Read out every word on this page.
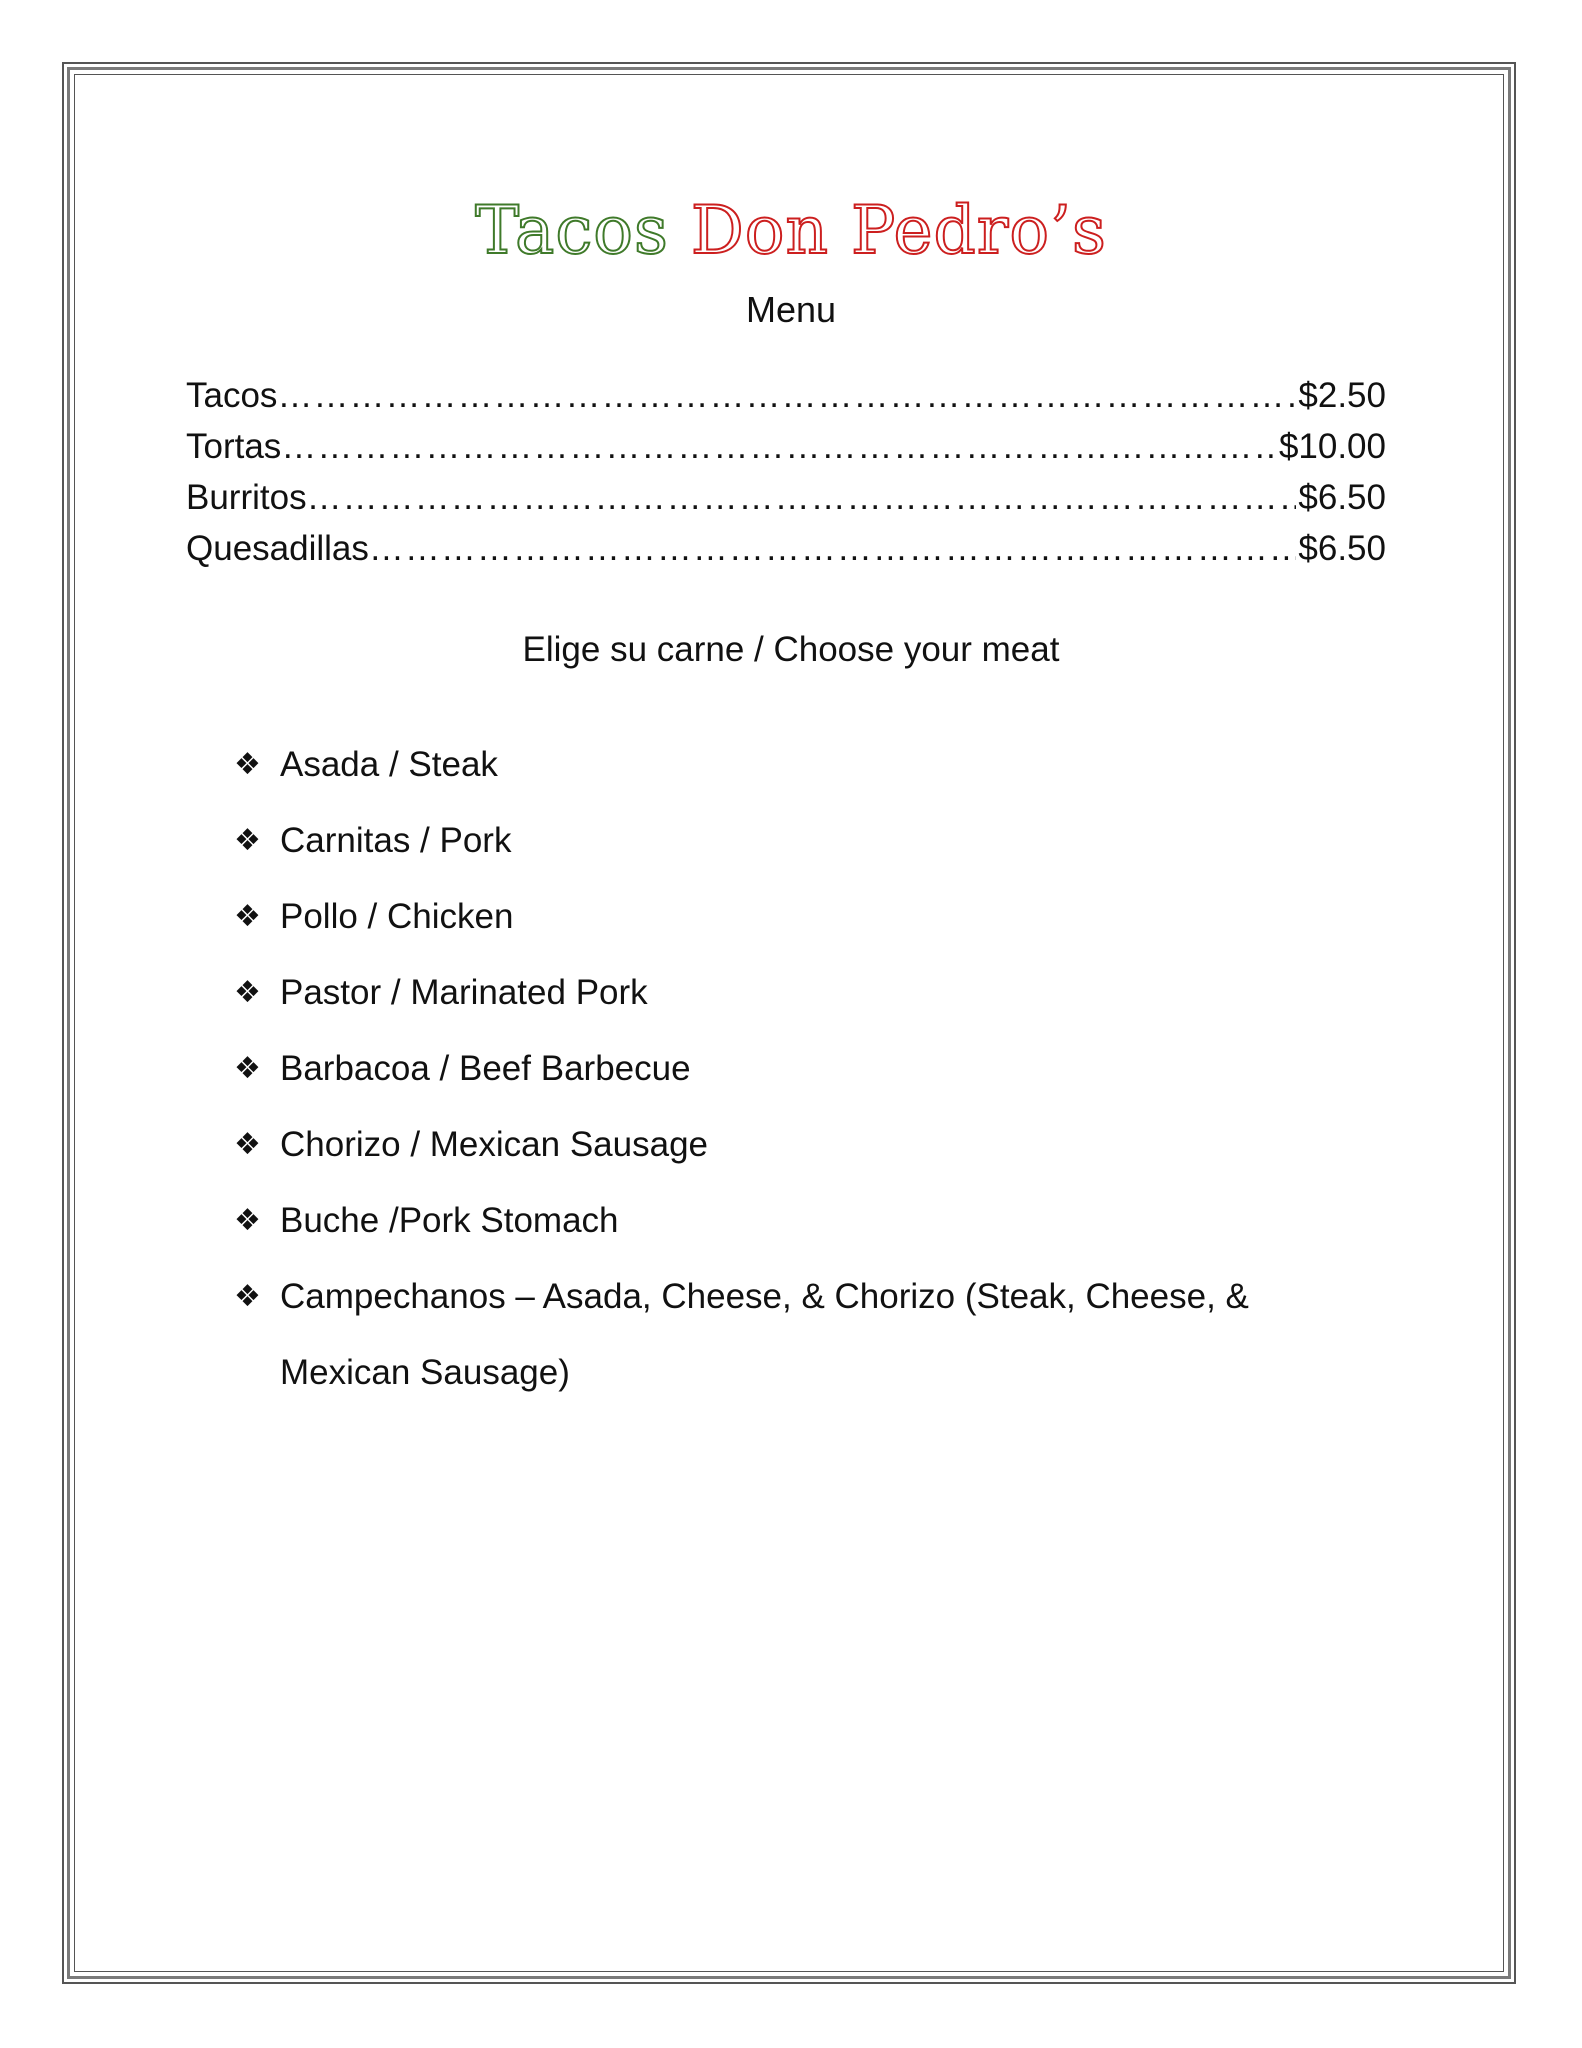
Tacos Don Pedro’s
Menu
Tacos ……………………………………………………………………………………………………………………………………………………………………………………………………	$2.50
Tortas ……………………………………………………………………………………………………………………………………………………………………………………………………	$10.00
Burritos ……………………………………………………………………………………………………………………………………………………………………………………………………	$6.50
Quesadillas ……………………………………………………………………………………………………………………………………………………………………………………………………	$6.50
Elige su carne / Choose your meat
❖ Asada / Steak
❖ Carnitas / Pork
❖ Pollo / Chicken
❖ Pastor / Marinated Pork
❖ Barbacoa / Beef Barbecue
❖ Chorizo / Mexican Sausage
❖ Buche /Pork Stomach
❖ Campechanos – Asada, Cheese, & Chorizo (Steak, Cheese, & Mexican Sausage)
